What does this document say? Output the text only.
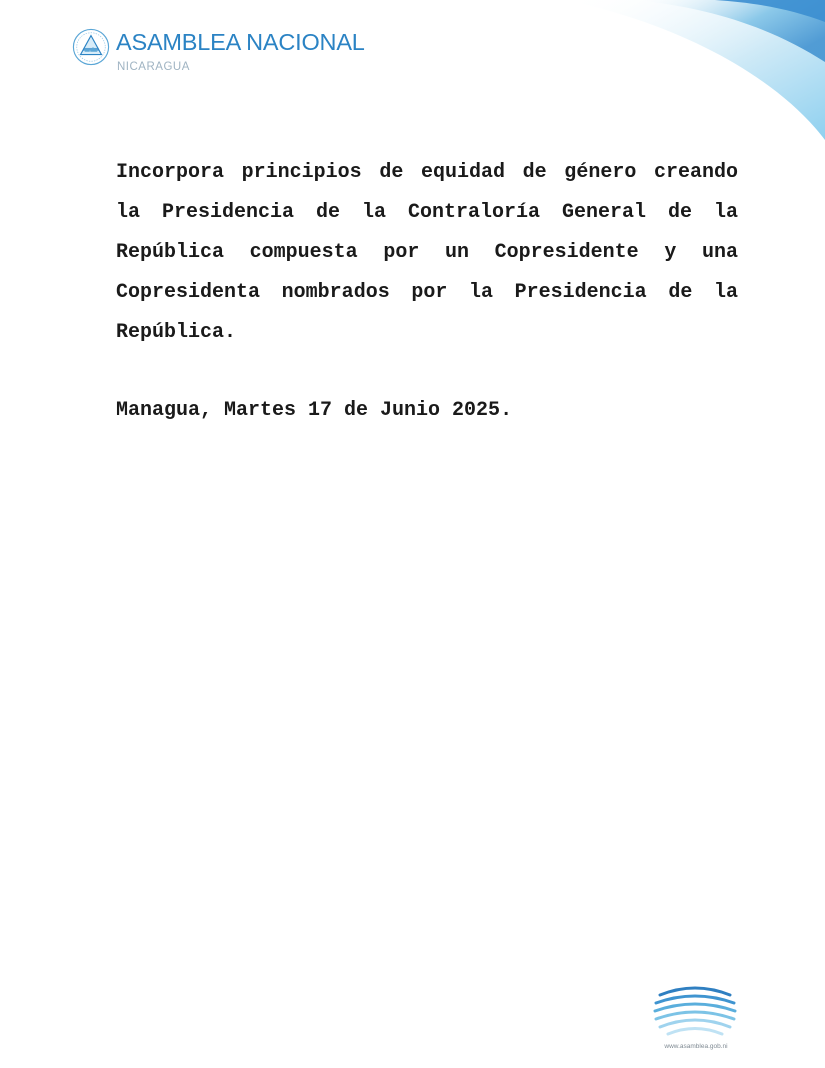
ASAMBLEA NACIONAL
NICARAGUA

Incorpora principios de equidad de género creando la Presidencia de la Contraloría General de la República compuesta por un Copresidente y una Copresidenta nombrados por la Presidencia de la República.

Managua, Martes 17 de Junio 2025.

www.asamblea.gob.ni
